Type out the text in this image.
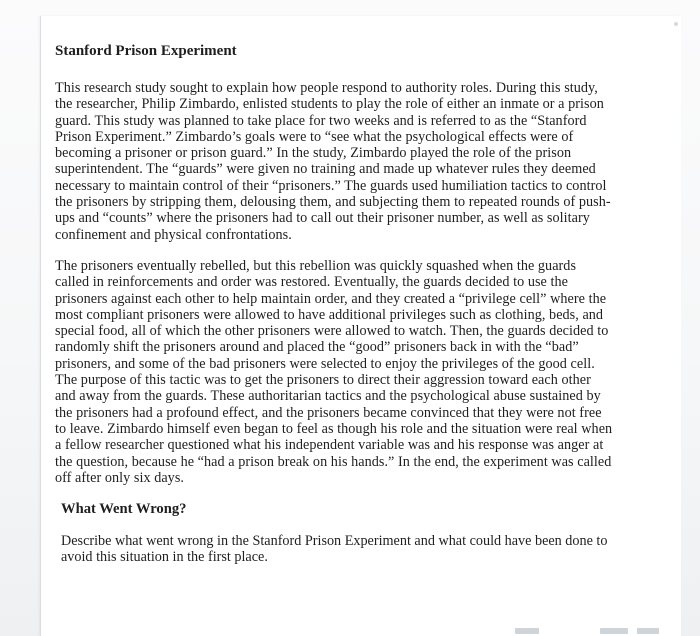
Stanford Prison Experiment
This research study sought to explain how people respond to authority roles. During this study,
the researcher, Philip Zimbardo, enlisted students to play the role of either an inmate or a prison
guard. This study was planned to take place for two weeks and is referred to as the “Stanford
Prison Experiment.” Zimbardo’s goals were to “see what the psychological effects were of
becoming a prisoner or prison guard.” In the study, Zimbardo played the role of the prison
superintendent. The “guards” were given no training and made up whatever rules they deemed
necessary to maintain control of their “prisoners.” The guards used humiliation tactics to control
the prisoners by stripping them, delousing them, and subjecting them to repeated rounds of push-
ups and “counts” where the prisoners had to call out their prisoner number, as well as solitary
confinement and physical confrontations.
The prisoners eventually rebelled, but this rebellion was quickly squashed when the guards
called in reinforcements and order was restored. Eventually, the guards decided to use the
prisoners against each other to help maintain order, and they created a “privilege cell” where the
most compliant prisoners were allowed to have additional privileges such as clothing, beds, and
special food, all of which the other prisoners were allowed to watch. Then, the guards decided to
randomly shift the prisoners around and placed the “good” prisoners back in with the “bad”
prisoners, and some of the bad prisoners were selected to enjoy the privileges of the good cell.
The purpose of this tactic was to get the prisoners to direct their aggression toward each other
and away from the guards. These authoritarian tactics and the psychological abuse sustained by
the prisoners had a profound effect, and the prisoners became convinced that they were not free
to leave. Zimbardo himself even began to feel as though his role and the situation were real when
a fellow researcher questioned what his independent variable was and his response was anger at
the question, because he “had a prison break on his hands.” In the end, the experiment was called
off after only six days.
What Went Wrong?
Describe what went wrong in the Stanford Prison Experiment and what could have been done to
avoid this situation in the first place.
